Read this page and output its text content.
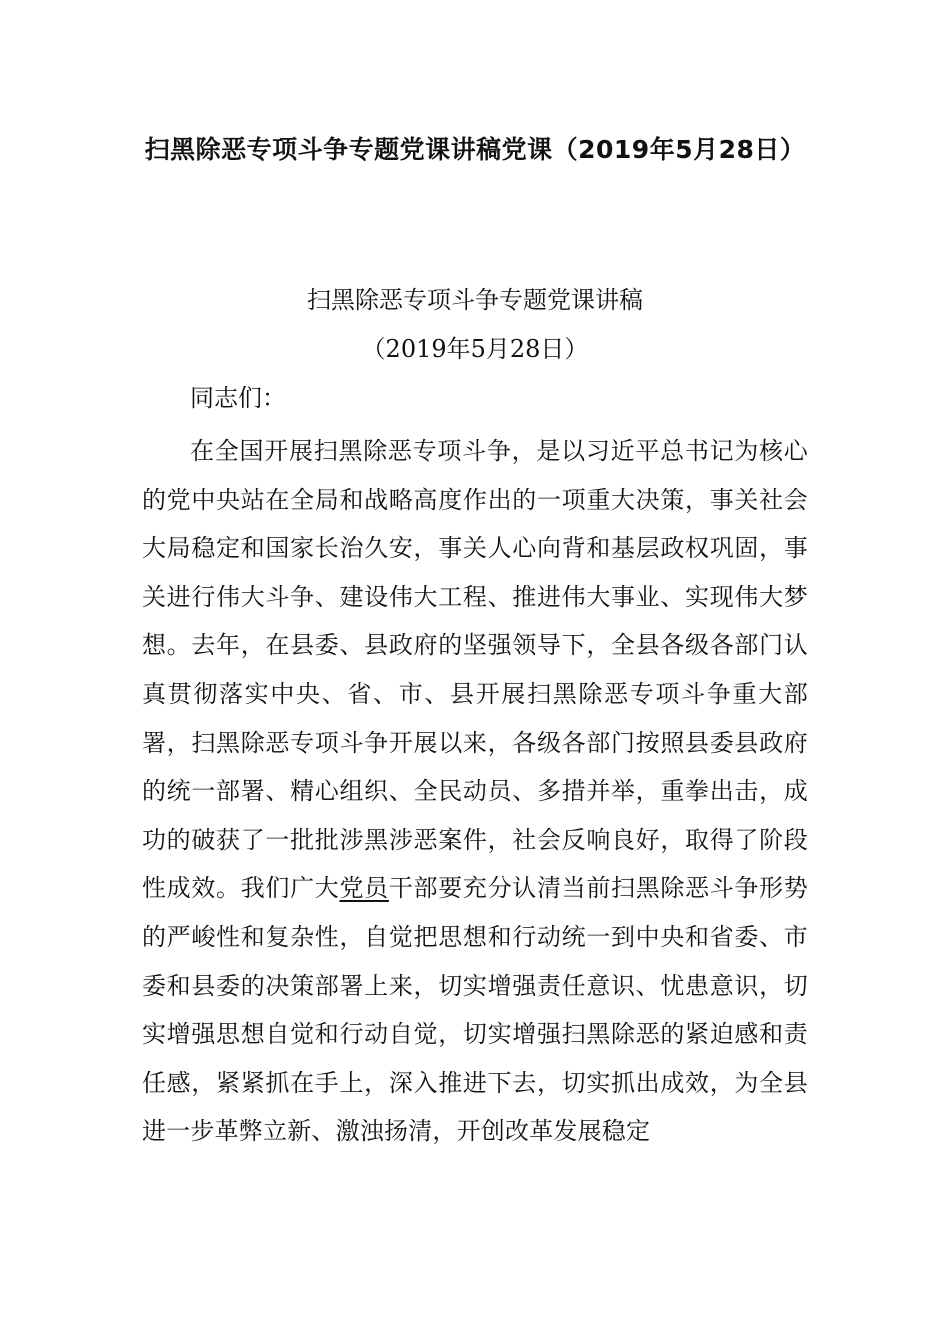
扫黑除恶专项斗争专题党课讲稿党课（2019年5月28日）

扫黑除恶专项斗争专题党课讲稿

（2019年5月28日）

同志们：

在全国开展扫黑除恶专项斗争，是以习近平总书记为核心的党中央站在全局和战略高度作出的一项重大决策，事关社会大局稳定和国家长治久安，事关人心向背和基层政权巩固，事关进行伟大斗争、建设伟大工程、推进伟大事业、实现伟大梦想。去年，在县委、县政府的坚强领导下，全县各级各部门认真贯彻落实中央、省、市、县开展扫黑除恶专项斗争重大部署，扫黑除恶专项斗争开展以来，各级各部门按照县委县政府的统一部署、精心组织、全民动员、多措并举，重拳出击，成功的破获了一批批涉黑涉恶案件，社会反响良好，取得了阶段性成效。我们广大党员干部要充分认清当前扫黑除恶斗争形势的严峻性和复杂性，自觉把思想和行动统一到中央和省委、市委和县委的决策部署上来，切实增强责任意识、忧患意识，切实增强思想自觉和行动自觉，切实增强扫黑除恶的紧迫感和责任感，紧紧抓在手上，深入推进下去，切实抓出成效，为全县进一步革弊立新、激浊扬清，开创改革发展稳定
